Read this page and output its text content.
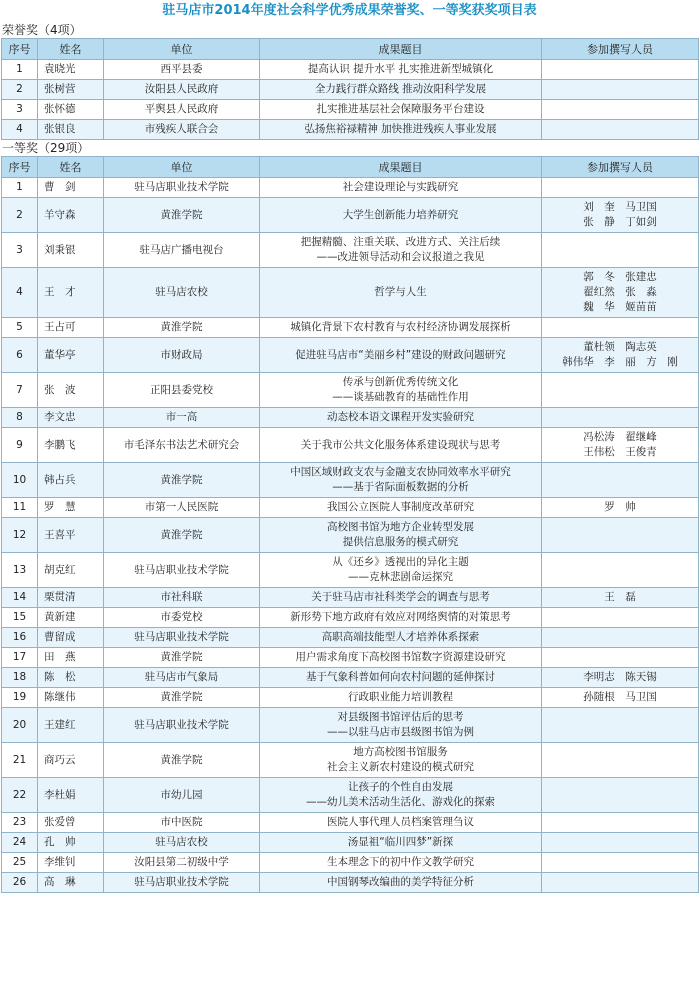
驻马店市2014年度社会科学优秀成果荣誉奖、一等奖获奖项目表
荣誉奖（4项）
序号	姓名	单位	成果题目	参加撰写人员
1	袁晓光	西平县委	提高认识 提升水平 扎实推进新型城镇化	

2	张树营	汝阳县人民政府	全力践行群众路线 推动汝阳科学发展	

3	张怀德	平舆县人民政府	扎实推进基层社会保障服务平台建设	

4	张银良	市残疾人联合会	弘扬焦裕禄精神 加快推进残疾人事业发展	

一等奖（29项）
序号	姓名	单位	成果题目	参加撰写人员
1	曹　剑	驻马店职业技术学院	社会建设理论与实践研究	

2	羊守森	黄淮学院	大学生创新能力培养研究	刘　奎　马卫国
张　静　丁如剑

3	刘秉银	驻马店广播电视台	把握精髓、注重关联、改进方式、关注后续
——改进领导活动和会议报道之我见	

4	王　才	驻马店农校	哲学与人生	郭　冬　张建忠
翟红然　张　淼
魏　华　姬苗苗

5	王占可	黄淮学院	城镇化背景下农村教育与农村经济协调发展探析	

6	董华亭	市财政局	促进驻马店市“美丽乡村”建设的财政问题研究	董杜领　陶志英
韩伟华　李　丽　方　刚

7	张　波	正阳县委党校	传承与创新优秀传统文化
——谈基础教育的基础性作用	

8	李文忠	市一高	动态校本语文课程开发实验研究	

9	李鹏飞	市毛泽东书法艺术研究会	关于我市公共文化服务体系建设现状与思考	冯松涛　翟继峰
王伟松　王俊青

10	韩占兵	黄淮学院	中国区域财政支农与金融支农协同效率水平研究
——基于省际面板数据的分析	

11	罗　慧	市第一人民医院	我国公立医院人事制度改革研究	罗　帅

12	王喜平	黄淮学院	高校图书馆为地方企业转型发展
提供信息服务的模式研究	

13	胡克红	驻马店职业技术学院	从《还乡》透视出的异化主题
——克林悲剧命运探究	

14	栗贯清	市社科联	关于驻马店市社科类学会的调查与思考	王　磊

15	黄新建	市委党校	新形势下地方政府有效应对网络舆情的对策思考	

16	曹留成	驻马店职业技术学院	高职高端技能型人才培养体系探索	

17	田　燕	黄淮学院	用户需求角度下高校图书馆数字资源建设研究	

18	陈　松	驻马店市气象局	基于气象科普如何向农村问题的延伸探讨	李明志　陈天锡

19	陈继伟	黄淮学院	行政职业能力培训教程	孙随根　马卫国

20	王建红	驻马店职业技术学院	对县级图书馆评估后的思考
——以驻马店市县级图书馆为例	

21	商巧云	黄淮学院	地方高校图书馆服务
社会主义新农村建设的模式研究	

22	李杜娟	市幼儿园	让孩子的个性自由发展
——幼儿美术活动生活化、游戏化的探索	

23	张爱曾	市中医院	医院人事代理人员档案管理刍议	

24	孔　帅	驻马店农校	汤显祖“临川四梦”新探	

25	李维钊	汝阳县第二初级中学	生本理念下的初中作文教学研究	

26	高　琳	驻马店职业技术学院	中国钢琴改编曲的美学特征分析	
